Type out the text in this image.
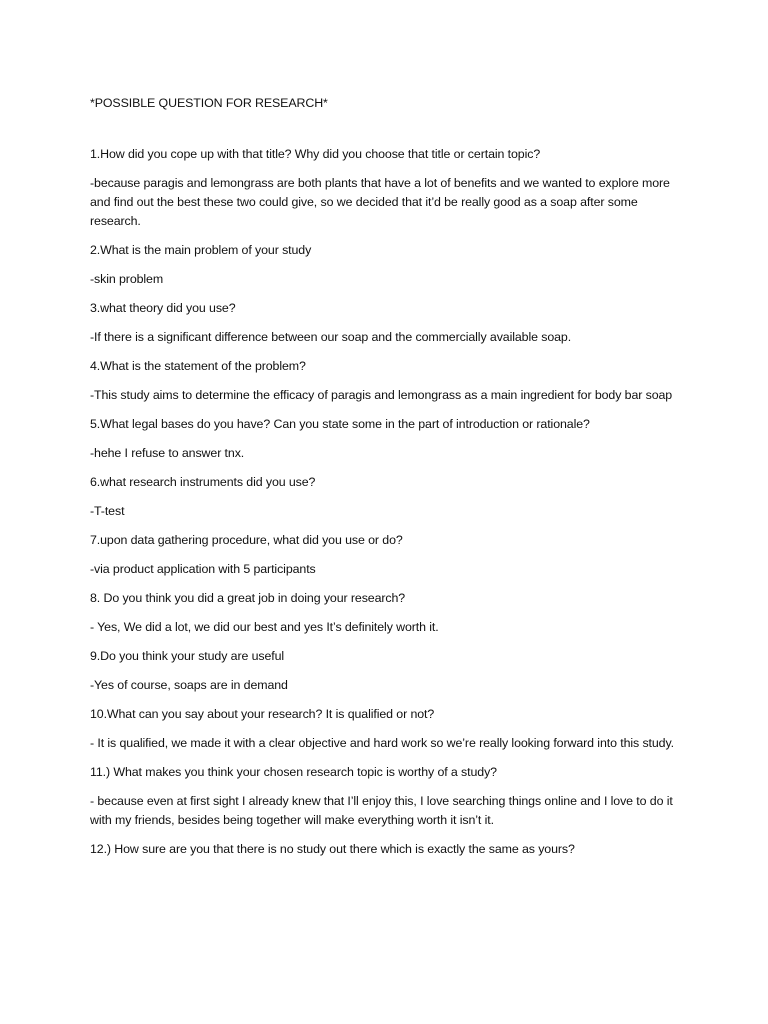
*POSSIBLE QUESTION FOR RESEARCH*

1.How did you cope up with that title? Why did you choose that title or certain topic?

-because paragis and lemongrass are both plants that have a lot of benefits and we wanted to explore more and find out the best these two could give, so we decided that it’d be really good as a soap after some research.

2.What is the main problem of your study

-skin problem

3.what theory did you use?

-If there is a significant difference between our soap and the commercially available soap.

4.What is the statement of the problem?

-This study aims to determine the efficacy of paragis and lemongrass as a main ingredient for body bar soap

5.What legal bases do you have? Can you state some in the part of introduction or rationale?

-hehe I refuse to answer tnx.

6.what research instruments did you use?

-T-test

7.upon data gathering procedure, what did you use or do?

-via product application with 5 participants

8. Do you think you did a great job in doing your research?

- Yes, We did a lot, we did our best and yes It’s definitely worth it.

9.Do you think your study are useful

-Yes of course, soaps are in demand

10.What can you say about your research? It is qualified or not?

- It is qualified, we made it with a clear objective and hard work so we’re really looking forward into this study.

11.) What makes you think your chosen research topic is worthy of a study?

- because even at first sight I already knew that I’ll enjoy this, I love searching things online and I love to do it with my friends, besides being together will make everything worth it isn’t it.

12.) How sure are you that there is no study out there which is exactly the same as yours?
